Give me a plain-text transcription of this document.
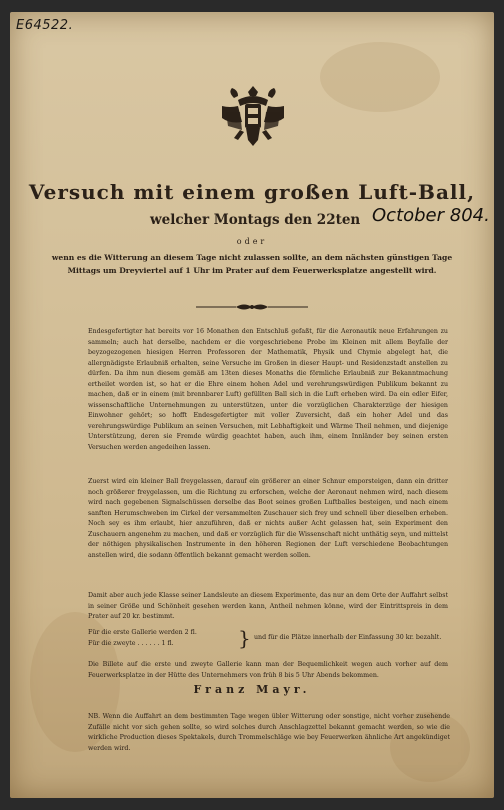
E64522.
Versuch mit einem großen Luft-Ball,
welcher Montags den 22ten October 804.
oder
wenn es die Witterung an diesem Tage nicht zulassen sollte, an dem nächsten günstigen Tage Mittags um Dreyviertel auf 1 Uhr im Prater auf dem Feuerwerksplatze angestellt wird.
Endesgefertigter hat bereits vor 16 Monathen den Entschluß gefaßt, für die Aeronautik neue Erfahrungen zu sammeln; auch hat derselbe, nachdem er die vorgeschriebene Probe im Kleinen mit allem Beyfalle der beyzogezogenen hiesigen Herren Professoren der Mathematik, Physik und Chymie abgelegt hat, die allergnädigste Erlaubniß erhalten, seine Versuche im Großen in dieser Haupt- und Residenzstadt anstellen zu dürfen. Da ihm nun diesem gemäß am 13ten dieses Monaths die förmliche Erlaubniß zur Bekanntmachung ertheilet worden ist, so hat er die Ehre einem hohen Adel und verehrungswürdigen Publikum bekannt zu machen, daß er in einem (mit brennbarer Luft) gefüllten Ball sich in die Luft erheben wird. Da ein edler Eifer, wissenschaftliche Unternehmungen zu unterstützen, unter die vorzüglichen Charakterzüge der hiesigen Einwohner gehört; so hofft Endesgefertigter mit voller Zuversicht, daß ein hoher Adel und das verehrungswürdige Publikum an seinen Versuchen, mit Lebhaftigkeit und Wärme Theil nehmen, und diejenige Unterstützung, deren sie Fremde würdig geachtet haben, auch ihm, einem Innländer bey seinen ersten Versuchen werden angedeihen lassen.
Zuerst wird ein kleiner Ball freygelassen, darauf ein größerer an einer Schnur emporsteigen, dann ein dritter noch größerer freygelassen, um die Richtung zu erforschen, welche der Aeronaut nehmen wird, nach diesem wird nach gegebenen Signalschüssen derselbe das Boot seines großen Luftballes besteigen, und nach einem sanften Herumschweben im Cirkel der versammelten Zuschauer sich frey und schnell über dieselben erheben. Noch sey es ihm erlaubt, hier anzuführen, daß er nichts außer Acht gelassen hat, sein Experiment den Zuschauern angenehm zu machen, und daß er vorzüglich für die Wissenschaft nicht unthätig seyn, und mittelst der nöthigen physikalischen Instrumente in den höheren Regionen der Luft verschiedene Beobachtungen anstellen wird, die sodann öffentlich bekannt gemacht werden sollen.
Damit aber auch jede Klasse seiner Landsleute an diesem Experimente, das nur an dem Orte der Auffahrt selbst in seiner Größe und Schönheit gesehen werden kann, Antheil nehmen könne, wird der Eintrittspreis in dem Prater auf 20 kr. bestimmt.
Für die erste Gallerie werden 2 fl.
Für die zweyte . . . . . . 1 fl.	} und für die Plätze innerhalb der Einfassung 30 kr. bezahlt.
Die Billete auf die erste und zweyte Gallerie kann man der Bequemlichkeit wegen auch vorher auf dem Feuerwerksplatze in der Hütte des Unternehmers von früh 8 bis 5 Uhr Abends bekommen.
Franz Mayr.
NB. Wenn die Auffahrt an dem bestimmten Tage wegen übler Witterung oder sonstige, nicht vorher zusehende Zufälle nicht vor sich gehen sollte, so wird solches durch Anschlagzettel bekannt gemacht werden, so wie die wirkliche Production dieses Spektakels, durch Trommelschläge wie bey Feuerwerken ähnliche Art angekündiget werden wird.
